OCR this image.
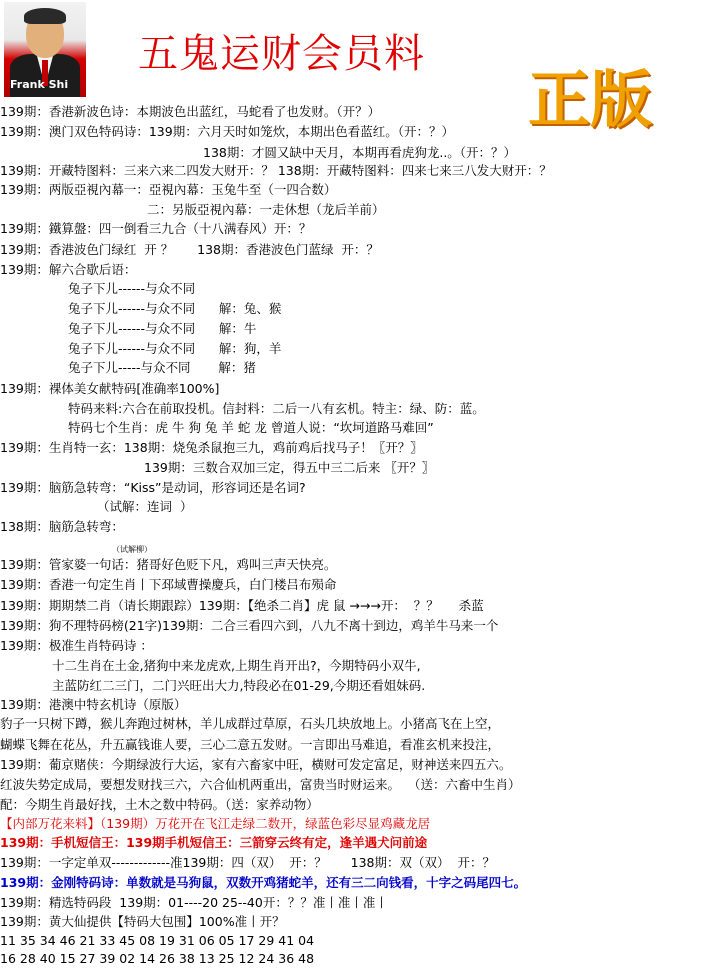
Frank Shi
五鬼运财会员料
正版
139期：香港新波色诗：本期波色出蓝红，马蛇看了也发财。（开？）
139期：澳门双色特码诗：139期：六月天时如笼炊，本期出色看蓝红。（开：？）
138期：才圆又缺中天月，本期再看虎狗龙..。（开：？）
139期：开藏特图料：三来六来二四发大财开：？ 138期：开藏特图料：四来七来三八发大财开：？
139期：两版亞視內幕一：亞視內幕：玉兔牛至（一四合数）
二：另版亞視內幕：一走休想（龙后羊前）
139期：鐵算盤：四一倒看三九合（十八满春风）开：？
139期：香港波色门绿红  开 ？      138期：香港波色门蓝绿  开：？
139期：解六合歇后语：
兔子下儿------与众不同
兔子下儿------与众不同      解：兔、猴
兔子下儿------与众不同      解：牛
兔子下儿------与众不同      解：狗，羊
兔子下儿-----与众不同       解：猪
139期：裸体美女献特码[准确率100%]
特码来料:六合在前取投机。信封料：二后一八有玄机。特主：绿、防：蓝。
特码七个生肖：虎 牛 狗 兔 羊 蛇 龙 曾道人说：“坎坷道路马难回”
139期：生肖特一玄：138期：烧兔杀鼠抱三九，鸡前鸡后找马子！〖开？〗
139期：三数合双加三定，得五中三二后来 〖开？〗
139期：脑筋急转弯：“Kiss”是动词，形容词还是名词?
（试解：连词  ）
138期：脑筋急转弯：
（试解柳）
139期：管家婆一句话：猪哥好色贬下凡，鸡叫三声天快亮。
139期：香港一句定生肖丨下邳域曹操慶兵，白门楼吕布殒命
139期：期期禁二肖（请长期跟踪）139期：【绝杀二肖】虎 鼠 →→→开：  ？？     杀蓝
139期：狗不理特码榜(21字)139期：二合三看四六到，八九不离十到边，鸡羊牛马来一个
139期：极准生肖特码诗 ：
十二生肖在土金,猪狗中来龙虎欢,上期生肖开出?，今期特码小双牛,
主蓝防红二三门，二门兴旺出大力,特段必在01-29,今期还看姐妹码.
139期：港澳中特玄机诗（原版）
豹子一只树下蹲，猴儿奔跑过树林，羊儿成群过草原，石头几块放地上。小猪高飞在上空，
蝴蝶飞舞在花丛，升五赢钱谁人要，三心二意五发财。一言即出马难追，看准玄机来投注，
139期：葡京赌侠：今期绿波行大运，家有六畜家中旺，横财可发定富足，财神送来四五六。
红波失势定成局，要想发财找三六，六合仙机两重出，富贵当时财运来。  （送：六畜中生肖）
配：今期生肖最好找，土木之数中特码。（送：家养动物）
【内部万花来料】（139期）万花开在飞江走绿二数开，绿蓝色彩尽显鸡藏龙居
139期：手机短信王：139期手机短信王：三箭穿云终有定，逢羊遇犬问前途
139期：一字定单双-------------准139期：四（双）  开：？      138期：双（双）  开：？
139期：金刚特码诗：单数就是马狗鼠，双数开鸡猪蛇羊，还有三二向钱看，十字之码尾四七。
139期：精选特码段  139期：01----20 25--40开：？？准丨准丨准丨
139期：黄大仙提供【特码大包围】100%准丨开？
11 35 34 46 21 33 45 08 19 31 06 05 17 29 41 04
16 28 40 15 27 39 02 14 26 38 13 25 12 24 36 48
